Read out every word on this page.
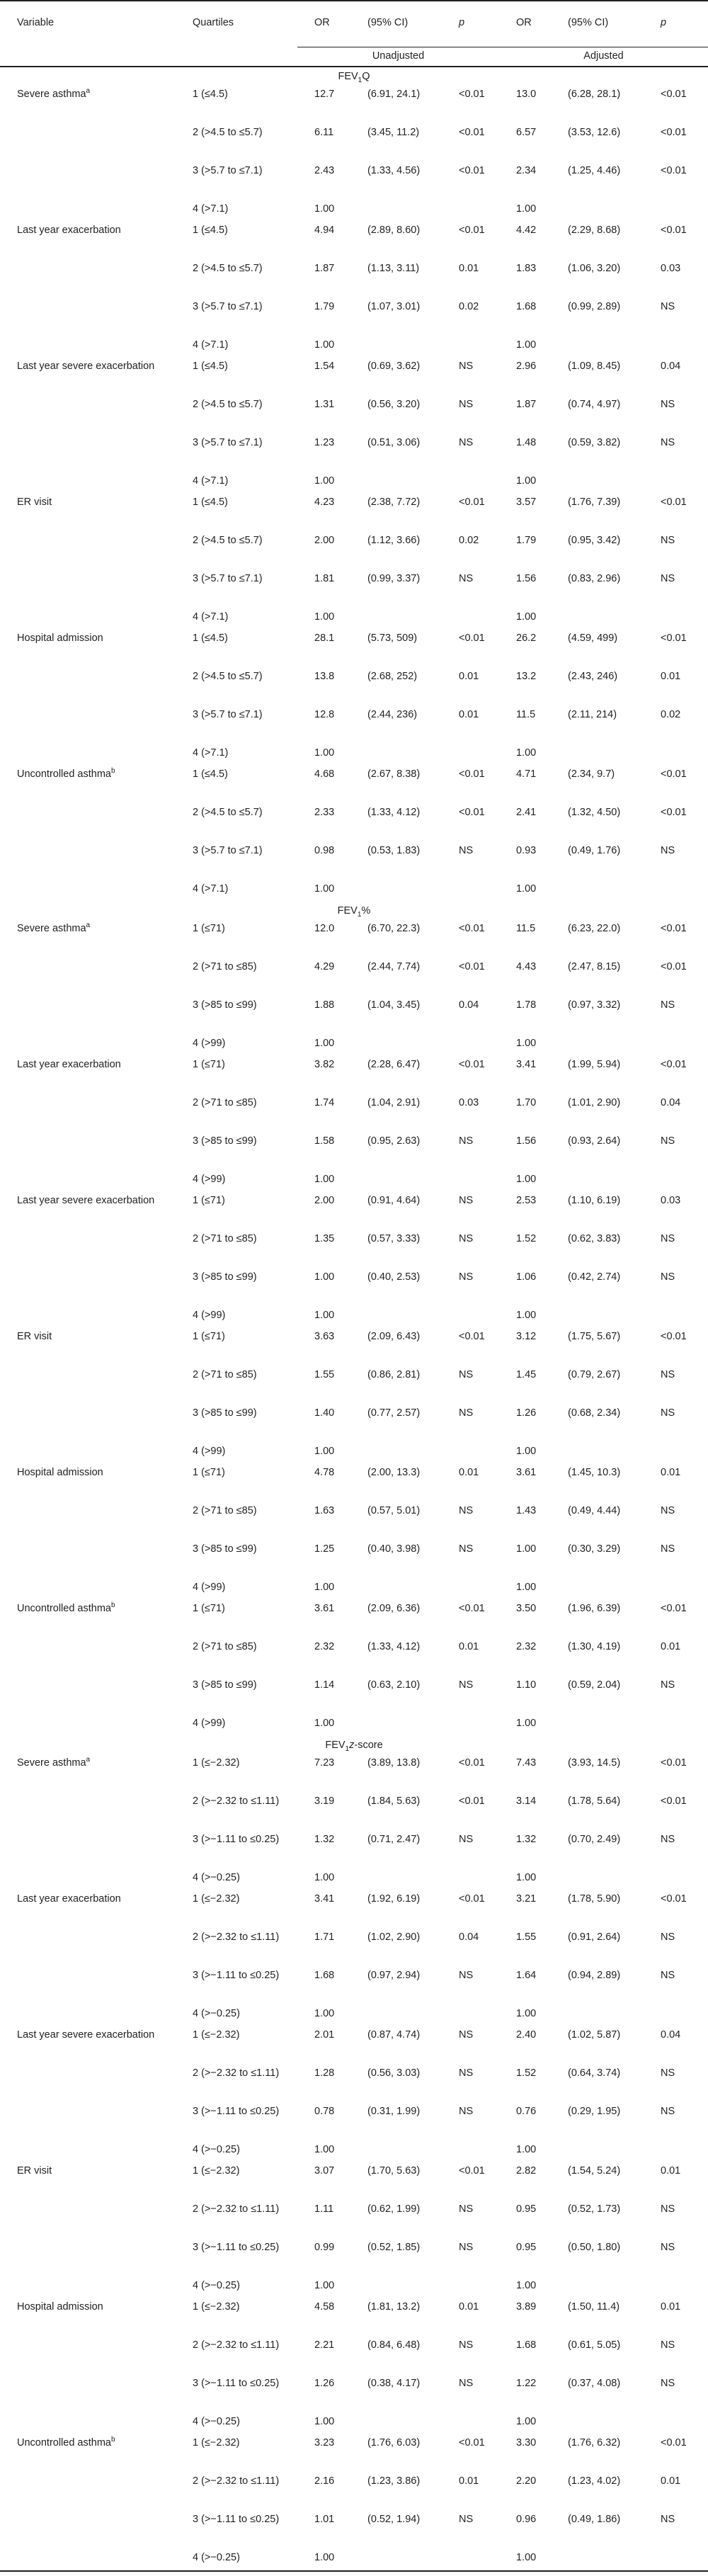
Variable	Quartiles	OR	(95% CI)	p	OR	(95% CI)	p
		Unadjusted			Adjusted		
$FEV_1Q$							
Severe asthma$^a$	1 (≤4.5)	12.7	(6.91, 24.1)	<0.01	13.0	(6.28, 28.1)	<0.01
	2 (>4.5 to ≤5.7)	6.11	(3.45, 11.2)	<0.01	6.57	(3.53, 12.6)	<0.01
	3 (>5.7 to ≤7.1)	2.43	(1.33, 4.56)	<0.01	2.34	(1.25, 4.46)	<0.01
	4 (>7.1)	1.00			1.00		
Last year exacerbation	1 (≤4.5)	4.94	(2.89, 8.60)	<0.01	4.42	(2.29, 8.68)	<0.01
	2 (>4.5 to ≤5.7)	1.87	(1.13, 3.11)	0.01	1.83	(1.06, 3.20)	0.03
	3 (>5.7 to ≤7.1)	1.79	(1.07, 3.01)	0.02	1.68	(0.99, 2.89)	NS
	4 (>7.1)	1.00			1.00		
Last year severe exacerbation	1 (≤4.5)	1.54	(0.69, 3.62)	NS	2.96	(1.09, 8.45)	0.04
	2 (>4.5 to ≤5.7)	1.31	(0.56, 3.20)	NS	1.87	(0.74, 4.97)	NS
	3 (>5.7 to ≤7.1)	1.23	(0.51, 3.06)	NS	1.48	(0.59, 3.82)	NS
	4 (>7.1)	1.00			1.00		
ER visit	1 (≤4.5)	4.23	(2.38, 7.72)	<0.01	3.57	(1.76, 7.39)	<0.01
	2 (>4.5 to ≤5.7)	2.00	(1.12, 3.66)	0.02	1.79	(0.95, 3.42)	NS
	3 (>5.7 to ≤7.1)	1.81	(0.99, 3.37)	NS	1.56	(0.83, 2.96)	NS
	4 (>7.1)	1.00			1.00		
Hospital admission	1 (≤4.5)	28.1	(5.73, 509)	<0.01	26.2	(4.59, 499)	<0.01
	2 (>4.5 to ≤5.7)	13.8	(2.68, 252)	0.01	13.2	(2.43, 246)	0.01
	3 (>5.7 to ≤7.1)	12.8	(2.44, 236)	0.01	11.5	(2.11, 214)	0.02
	4 (>7.1)	1.00			1.00		
Uncontrolled asthma$^b$	1 (≤4.5)	4.68	(2.67, 8.38)	<0.01	4.71	(2.34, 9.7)	<0.01
	2 (>4.5 to ≤5.7)	2.33	(1.33, 4.12)	<0.01	2.41	(1.32, 4.50)	<0.01
	3 (>5.7 to ≤7.1)	0.98	(0.53, 1.83)	NS	0.93	(0.49, 1.76)	NS
	4 (>7.1)	1.00			1.00		
$FEV_1\%$							
Severe asthma$^a$	1 (≤71)	12.0	(6.70, 22.3)	<0.01	11.5	(6.23, 22.0)	<0.01
	2 (>71 to ≤85)	4.29	(2.44, 7.74)	<0.01	4.43	(2.47, 8.15)	<0.01
	3 (>85 to ≤99)	1.88	(1.04, 3.45)	0.04	1.78	(0.97, 3.32)	NS
	4 (>99)	1.00			1.00		
Last year exacerbation	1 (≤71)	3.82	(2.28, 6.47)	<0.01	3.41	(1.99, 5.94)	<0.01
	2 (>71 to ≤85)	1.74	(1.04, 2.91)	0.03	1.70	(1.01, 2.90)	0.04
	3 (>85 to ≤99)	1.58	(0.95, 2.63)	NS	1.56	(0.93, 2.64)	NS
	4 (>99)	1.00			1.00		
Last year severe exacerbation	1 (≤71)	2.00	(0.91, 4.64)	NS	2.53	(1.10, 6.19)	0.03
	2 (>71 to ≤85)	1.35	(0.57, 3.33)	NS	1.52	(0.62, 3.83)	NS
	3 (>85 to ≤99)	1.00	(0.40, 2.53)	NS	1.06	(0.42, 2.74)	NS
	4 (>99)	1.00			1.00		
ER visit	1 (≤71)	3.63	(2.09, 6.43)	<0.01	3.12	(1.75, 5.67)	<0.01
	2 (>71 to ≤85)	1.55	(0.86, 2.81)	NS	1.45	(0.79, 2.67)	NS
	3 (>85 to ≤99)	1.40	(0.77, 2.57)	NS	1.26	(0.68, 2.34)	NS
	4 (>99)	1.00			1.00		
Hospital admission	1 (≤71)	4.78	(2.00, 13.3)	0.01	3.61	(1.45, 10.3)	0.01
	2 (>71 to ≤85)	1.63	(0.57, 5.01)	NS	1.43	(0.49, 4.44)	NS
	3 (>85 to ≤99)	1.25	(0.40, 3.98)	NS	1.00	(0.30, 3.29)	NS
	4 (>99)	1.00			1.00		
Uncontrolled asthma$^b$	1 (≤71)	3.61	(2.09, 6.36)	<0.01	3.50	(1.96, 6.39)	<0.01
	2 (>71 to ≤85)	2.32	(1.33, 4.12)	0.01	2.32	(1.30, 4.19)	0.01
	3 (>85 to ≤99)	1.14	(0.63, 2.10)	NS	1.10	(0.59, 2.04)	NS
	4 (>99)	1.00			1.00		
$FEV_1z$-score							
Severe asthma$^a$	1 (≤−2.32)	7.23	(3.89, 13.8)	<0.01	7.43	(3.93, 14.5)	<0.01
	2 (>−2.32 to ≤1.11)	3.19	(1.84, 5.63)	<0.01	3.14	(1.78, 5.64)	<0.01
	3 (>−1.11 to ≤0.25)	1.32	(0.71, 2.47)	NS	1.32	(0.70, 2.49)	NS
	4 (>−0.25)	1.00			1.00		
Last year exacerbation	1 (≤−2.32)	3.41	(1.92, 6.19)	<0.01	3.21	(1.78, 5.90)	<0.01
	2 (>−2.32 to ≤1.11)	1.71	(1.02, 2.90)	0.04	1.55	(0.91, 2.64)	NS
	3 (>−1.11 to ≤0.25)	1.68	(0.97, 2.94)	NS	1.64	(0.94, 2.89)	NS
	4 (>−0.25)	1.00			1.00		
Last year severe exacerbation	1 (≤−2.32)	2.01	(0.87, 4.74)	NS	2.40	(1.02, 5.87)	0.04
	2 (>−2.32 to ≤1.11)	1.28	(0.56, 3.03)	NS	1.52	(0.64, 3.74)	NS
	3 (>−1.11 to ≤0.25)	0.78	(0.31, 1.99)	NS	0.76	(0.29, 1.95)	NS
	4 (>−0.25)	1.00			1.00		
ER visit	1 (≤−2.32)	3.07	(1.70, 5.63)	<0.01	2.82	(1.54, 5.24)	0.01
	2 (>−2.32 to ≤1.11)	1.11	(0.62, 1.99)	NS	0.95	(0.52, 1.73)	NS
	3 (>−1.11 to ≤0.25)	0.99	(0.52, 1.85)	NS	0.95	(0.50, 1.80)	NS
	4 (>−0.25)	1.00			1.00		
Hospital admission	1 (≤−2.32)	4.58	(1.81, 13.2)	0.01	3.89	(1.50, 11.4)	0.01
	2 (>−2.32 to ≤1.11)	2.21	(0.84, 6.48)	NS	1.68	(0.61, 5.05)	NS
	3 (>−1.11 to ≤0.25)	1.26	(0.38, 4.17)	NS	1.22	(0.37, 4.08)	NS
	4 (>−0.25)	1.00			1.00		
Uncontrolled asthma$^b$	1 (≤−2.32)	3.23	(1.76, 6.03)	<0.01	3.30	(1.76, 6.32)	<0.01
	2 (>−2.32 to ≤1.11)	2.16	(1.23, 3.86)	0.01	2.20	(1.23, 4.02)	0.01
	3 (>−1.11 to ≤0.25)	1.01	(0.52, 1.94)	NS	0.96	(0.49, 1.86)	NS
	4 (>−0.25)	1.00			1.00		
